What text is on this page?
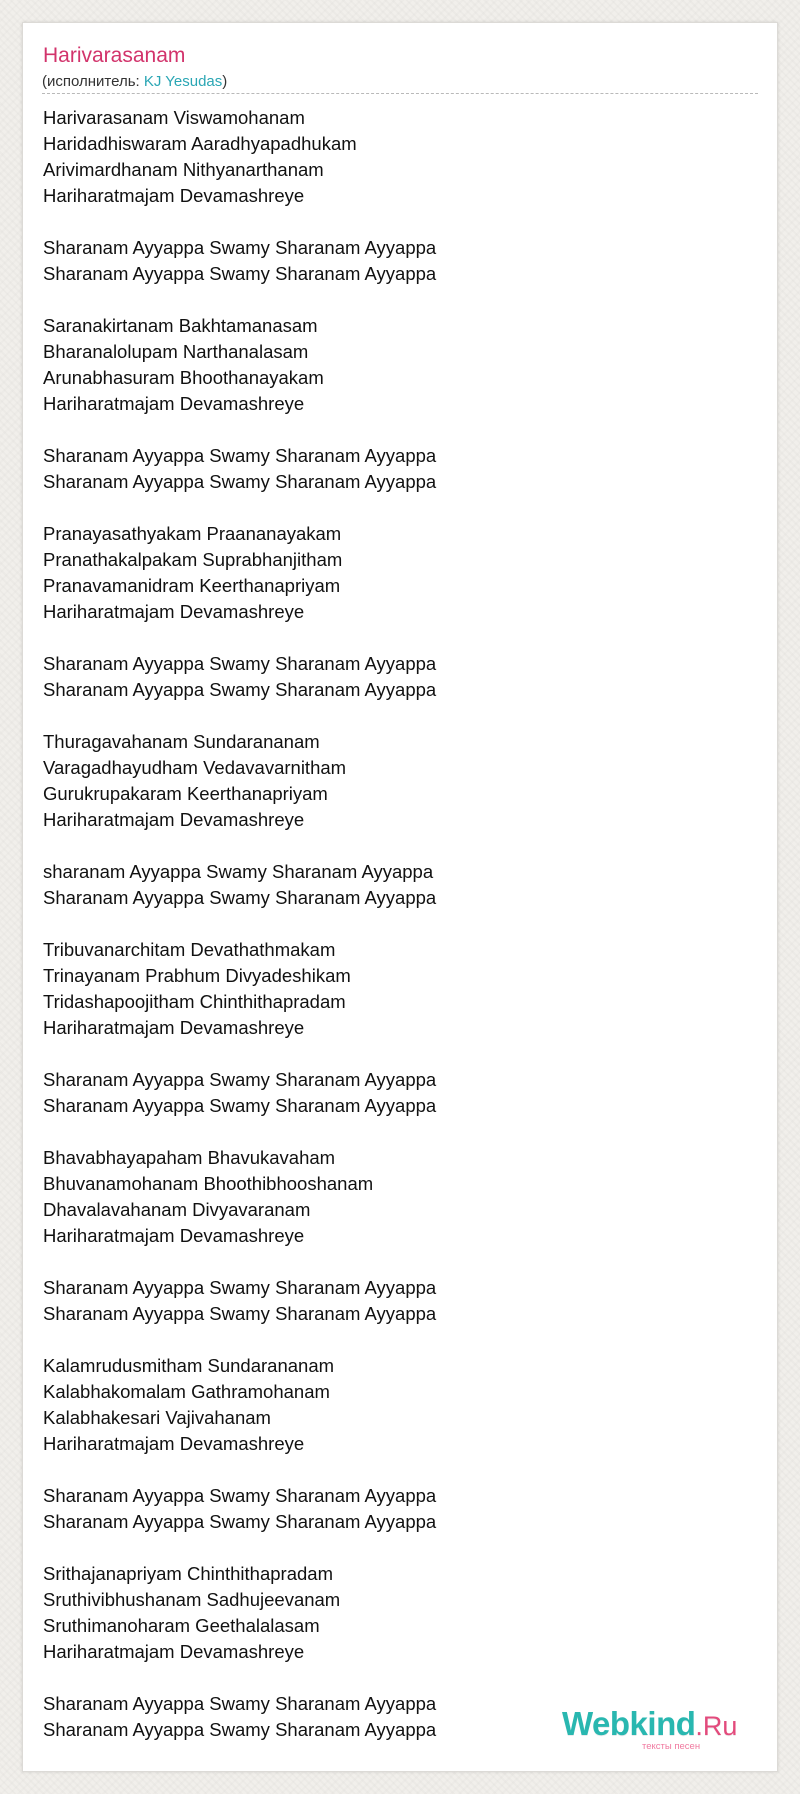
Harivarasanam
(исполнитель: KJ Yesudas)
Harivarasanam Viswamohanam
Haridadhiswaram Aaradhyapadhukam
Arivimardhanam Nithyanarthanam
Hariharatmajam Devamashreye
Sharanam Ayyappa Swamy Sharanam Ayyappa
Sharanam Ayyappa Swamy Sharanam Ayyappa
Saranakirtanam Bakhtamanasam
Bharanalolupam Narthanalasam
Arunabhasuram Bhoothanayakam
Hariharatmajam Devamashreye
Sharanam Ayyappa Swamy Sharanam Ayyappa
Sharanam Ayyappa Swamy Sharanam Ayyappa
Pranayasathyakam Praananayakam
Pranathakalpakam Suprabhanjitham
Pranavamanidram Keerthanapriyam
Hariharatmajam Devamashreye
Sharanam Ayyappa Swamy Sharanam Ayyappa
Sharanam Ayyappa Swamy Sharanam Ayyappa
Thuragavahanam Sundarananam
Varagadhayudham Vedavavarnitham
Gurukrupakaram Keerthanapriyam
Hariharatmajam Devamashreye
sharanam Ayyappa Swamy Sharanam Ayyappa
Sharanam Ayyappa Swamy Sharanam Ayyappa
Tribuvanarchitam Devathathmakam
Trinayanam Prabhum Divyadeshikam
Tridashapoojitham Chinthithapradam
Hariharatmajam Devamashreye
Sharanam Ayyappa Swamy Sharanam Ayyappa
Sharanam Ayyappa Swamy Sharanam Ayyappa
Bhavabhayapaham Bhavukavaham
Bhuvanamohanam Bhoothibhooshanam
Dhavalavahanam Divyavaranam
Hariharatmajam Devamashreye
Sharanam Ayyappa Swamy Sharanam Ayyappa
Sharanam Ayyappa Swamy Sharanam Ayyappa
Kalamrudusmitham Sundarananam
Kalabhakomalam Gathramohanam
Kalabhakesari Vajivahanam
Hariharatmajam Devamashreye
Sharanam Ayyappa Swamy Sharanam Ayyappa
Sharanam Ayyappa Swamy Sharanam Ayyappa
Srithajanapriyam Chinthithapradam
Sruthivibhushanam Sadhujeevanam
Sruthimanoharam Geethalalasam
Hariharatmajam Devamashreye
Sharanam Ayyappa Swamy Sharanam Ayyappa
Sharanam Ayyappa Swamy Sharanam Ayyappa	Webkind.Ru
тексты песен
